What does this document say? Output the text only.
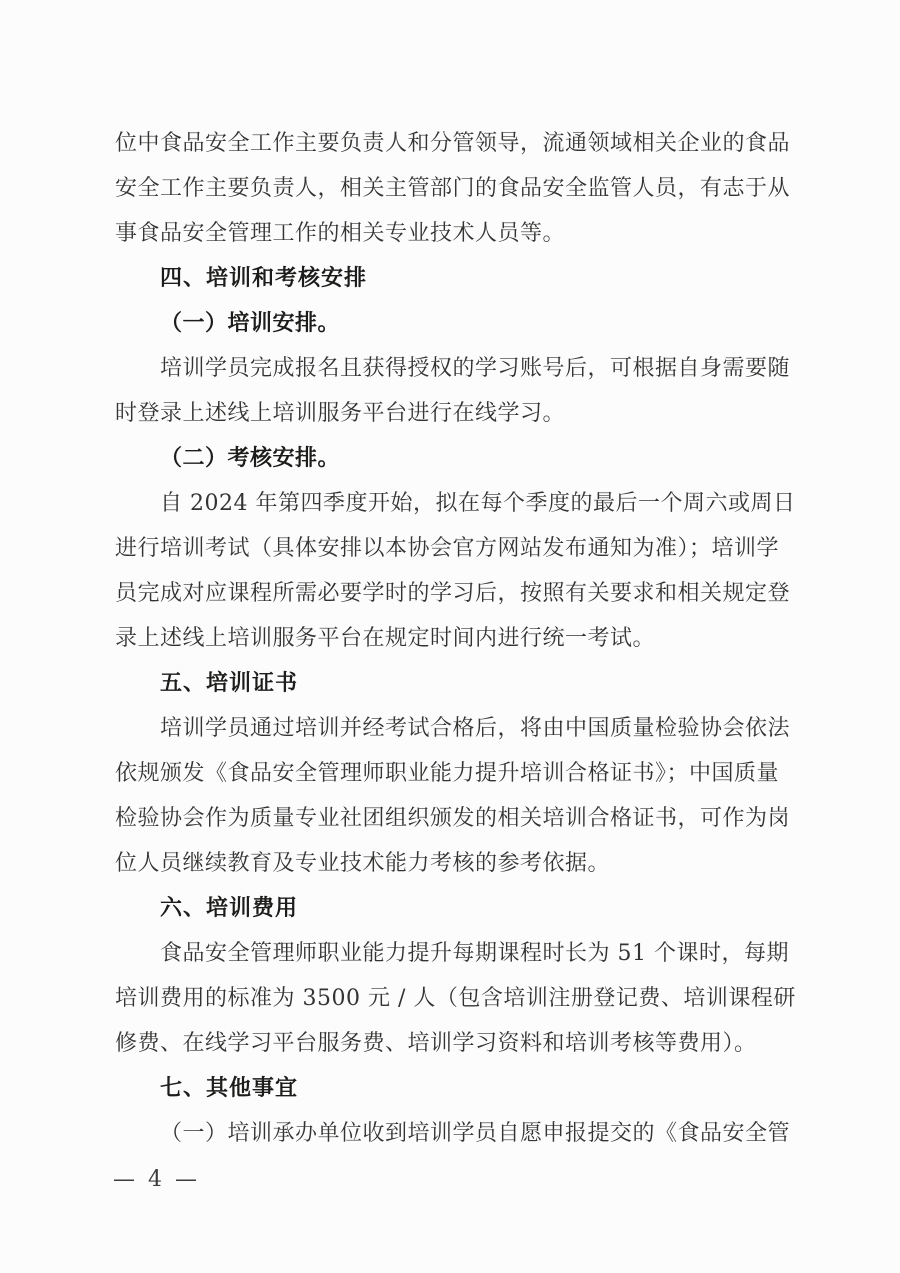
位中食品安全工作主要负责人和分管领导，流通领域相关企业的食品
安全工作主要负责人，相关主管部门的食品安全监管人员，有志于从
事食品安全管理工作的相关专业技术人员等。
四、培训和考核安排
（一）培训安排。
培训学员完成报名且获得授权的学习账号后，可根据自身需要随
时登录上述线上培训服务平台进行在线学习。
（二）考核安排。
自 2024 年第四季度开始，拟在每个季度的最后一个周六或周日
进行培训考试（具体安排以本协会官方网站发布通知为准）；培训学
员完成对应课程所需必要学时的学习后，按照有关要求和相关规定登
录上述线上培训服务平台在规定时间内进行统一考试。
五、培训证书
培训学员通过培训并经考试合格后，将由中国质量检验协会依法
依规颁发《食品安全管理师职业能力提升培训合格证书》；中国质量
检验协会作为质量专业社团组织颁发的相关培训合格证书，可作为岗
位人员继续教育及专业技术能力考核的参考依据。
六、培训费用
食品安全管理师职业能力提升每期课程时长为 51 个课时，每期
培训费用的标准为 3500 元 / 人（包含培训注册登记费、培训课程研
修费、在线学习平台服务费、培训学习资料和培训考核等费用）。
七、其他事宜
（一）培训承办单位收到培训学员自愿申报提交的《食品安全管
— 4 —
